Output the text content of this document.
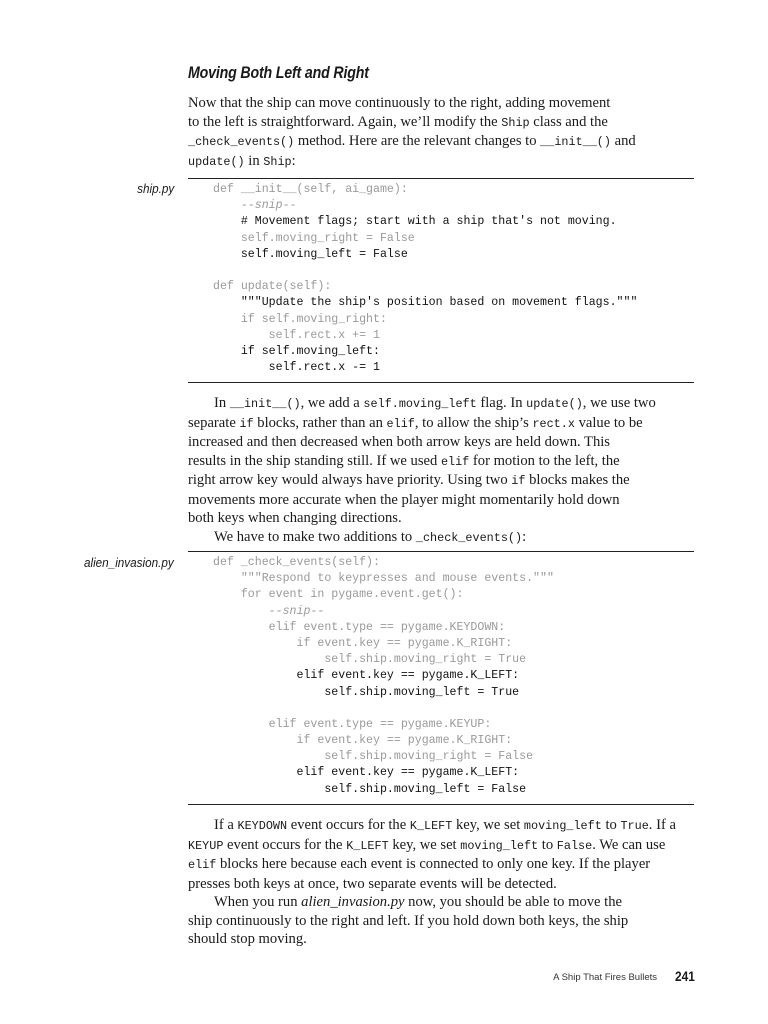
Moving Both Left and Right
Now that the ship can move continuously to the right, adding movement
to the left is straightforward. Again, we’ll modify the Ship class and the
_check_events() method. Here are the relevant changes to __init__() and
update() in Ship:
ship.py	def __init__(self, ai_game):
--snip--
# Movement flags; start with a ship that's not moving.
self.moving_right = False
self.moving_left = False
def update(self):
"""Update the ship's position based on movement flags."""
if self.moving_right:
self.rect.x += 1
if self.moving_left:
self.rect.x -= 1
In __init__(), we add a self.moving_left flag. In update(), we use two
separate if blocks, rather than an elif, to allow the ship’s rect.x value to be
increased and then decreased when both arrow keys are held down. This
results in the ship standing still. If we used elif for motion to the left, the
right arrow key would always have priority. Using two if blocks makes the
movements more accurate when the player might momentarily hold down
both keys when changing directions.
We have to make two additions to _check_events():
alien_invasion.py	def _check_events(self):
"""Respond to keypresses and mouse events."""
for event in pygame.event.get():
--snip--
elif event.type == pygame.KEYDOWN:
if event.key == pygame.K_RIGHT:
self.ship.moving_right = True
elif event.key == pygame.K_LEFT:
self.ship.moving_left = True
elif event.type == pygame.KEYUP:
if event.key == pygame.K_RIGHT:
self.ship.moving_right = False
elif event.key == pygame.K_LEFT:
self.ship.moving_left = False
If a KEYDOWN event occurs for the K_LEFT key, we set moving_left to True. If a
KEYUP event occurs for the K_LEFT key, we set moving_left to False. We can use
elif blocks here because each event is connected to only one key. If the player
presses both keys at once, two separate events will be detected.
When you run alien_invasion.py now, you should be able to move the
ship continuously to the right and left. If you hold down both keys, the ship
should stop moving.
A Ship That Fires Bullets 241
